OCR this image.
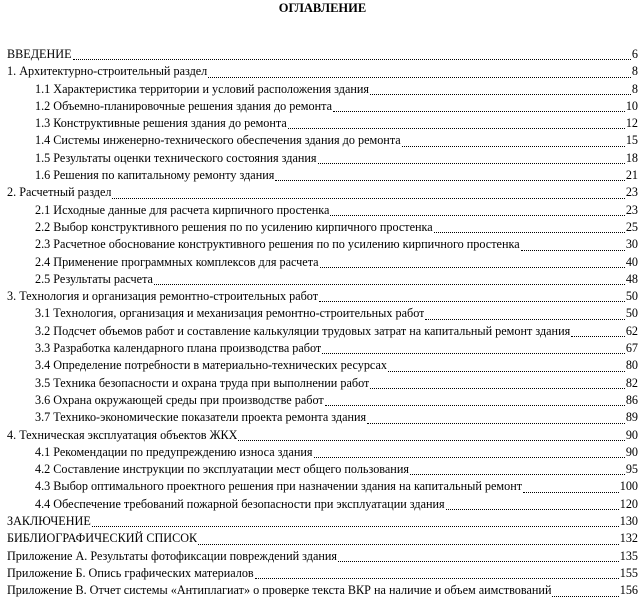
ОГЛАВЛЕНИЕ
ВВЕДЕНИЕ	6
1. Архитектурно-строительный раздел	8
1.1 Характеристика территории и условий расположения здания	8
1.2 Объемно-планировочные решения здания до ремонта	10
1.3 Конструктивные решения здания до ремонта	12
1.4 Системы инженерно-технического обеспечения здания до ремонта	15
1.5 Результаты оценки технического состояния здания	18
1.6 Решения по капитальному ремонту здания	21
2. Расчетный раздел	23
2.1 Исходные данные для расчета кирпичного простенка	23
2.2 Выбор конструктивного решения по по усилению кирпичного простенка	25
2.3 Расчетное обоснование конструктивного решения по по усилению кирпичного простенка	30
2.4 Применение программных комплексов для расчета	40
2.5 Результаты расчета	48
3. Технология и организация ремонтно-строительных работ	50
3.1 Технология, организация и механизация ремонтно-строительных работ	50
3.2 Подсчет объемов работ и составление калькуляции трудовых затрат на капитальный ремонт здания	62
3.3 Разработка календарного плана производства работ	67
3.4 Определение потребности в материально-технических ресурсах	80
3.5 Техника безопасности и охрана труда при выполнении работ	82
3.6 Охрана окружающей среды при производстве работ	86
3.7 Технико-экономические показатели проекта ремонта здания	89
4. Техническая эксплуатация объектов ЖКХ	90
4.1 Рекомендации по предупреждению износа здания	90
4.2 Составление инструкции по эксплуатации мест общего пользования	95
4.3 Выбор оптимального проектного решения при назначении здания на капитальный ремонт	100
4.4 Обеспечение требований пожарной безопасности при эксплуатации здания	120
ЗАКЛЮЧЕНИЕ	130
БИБЛИОГРАФИЧЕСКИЙ СПИСОК	132
Приложение А. Результаты фотофиксации повреждений здания	135
Приложение Б. Опись графических материалов	155
Приложение В. Отчет системы «Антиплагиат» о проверке текста ВКР на наличие и объем аимствований	156
